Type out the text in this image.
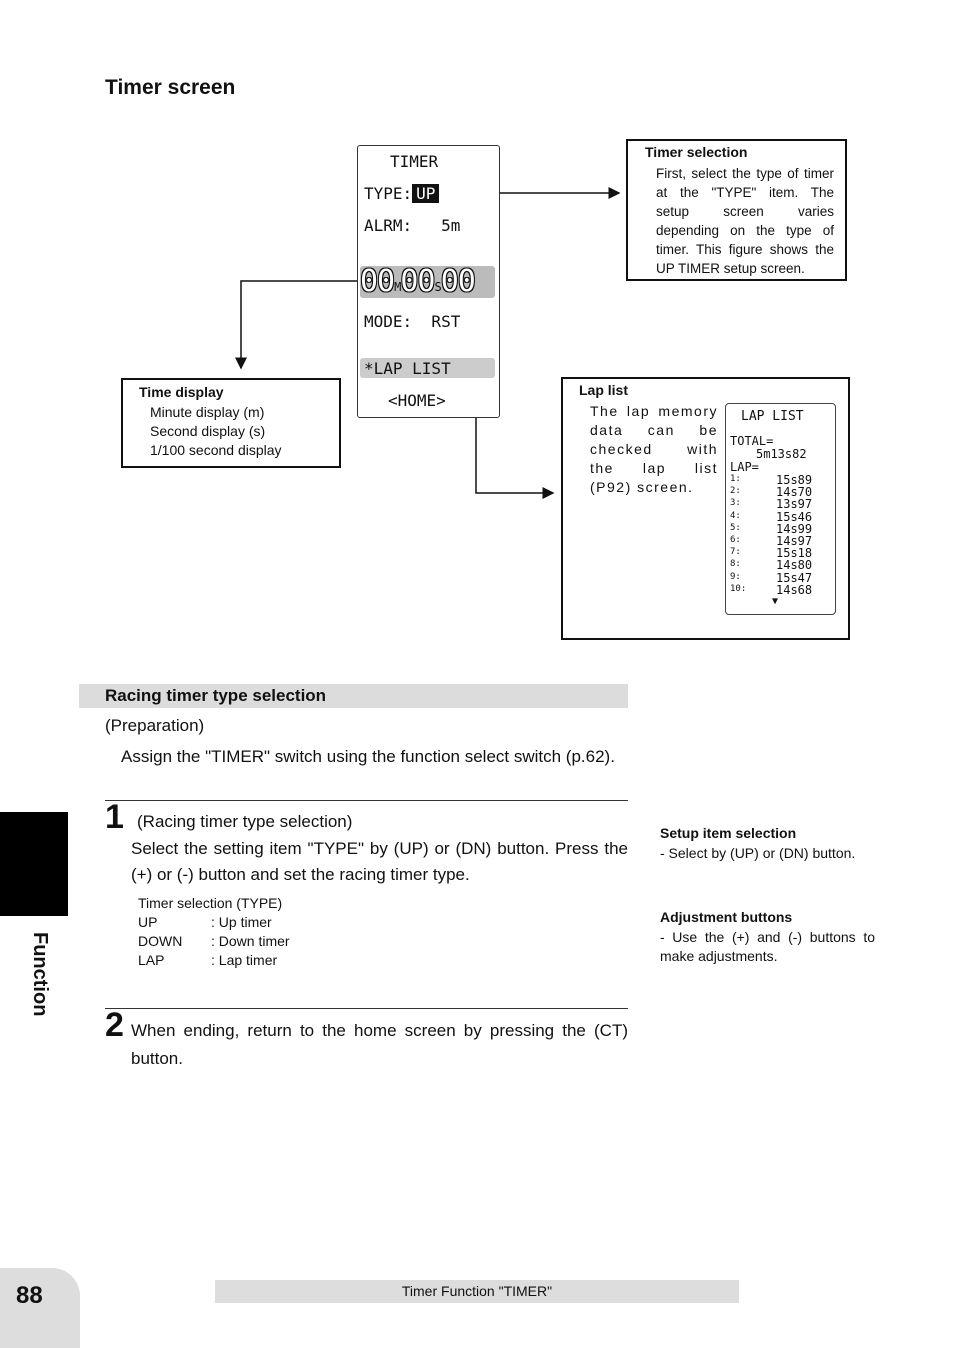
Timer screen
TIMER
TYPE: UP
ALRM:   5m
00M00S00
MODE:  RST
*LAP LIST
<HOME>
Timer selection
First, select the type of timer at the "TYPE" item. The setup screen varies depending on the type of timer. This figure shows the UP TIMER setup screen.
Time display
Minute display (m)
Second display (s)
1/100 second display
Lap list
The lap memory data can be checked with the lap list (P92) screen.
LAP LIST
TOTAL=
5m13s82
LAP=
1:	15s89
2:	14s70
3:	13s97
4:	15s46
5:	14s99
6:	14s97
7:	15s18
8:	14s80
9:	15s47
10: 14s68
▼
Racing timer type selection
(Preparation)
Assign the "TIMER" switch using the function select switch (p.62).
1 (Racing timer type selection)
Select the setting item "TYPE" by (UP) or (DN) button. Press the (+) or (-) button and set the racing timer type.
Timer selection (TYPE)
UP	: Up timer
DOWN : Down timer
LAP	: Lap timer
2 When ending, return to the home screen by pressing the (CT) button.
Setup item selection
- Select by (UP) or (DN) button.
Adjustment buttons
- Use the (+) and (-) buttons to make adjustments.
Function
88	Timer Function "TIMER"
